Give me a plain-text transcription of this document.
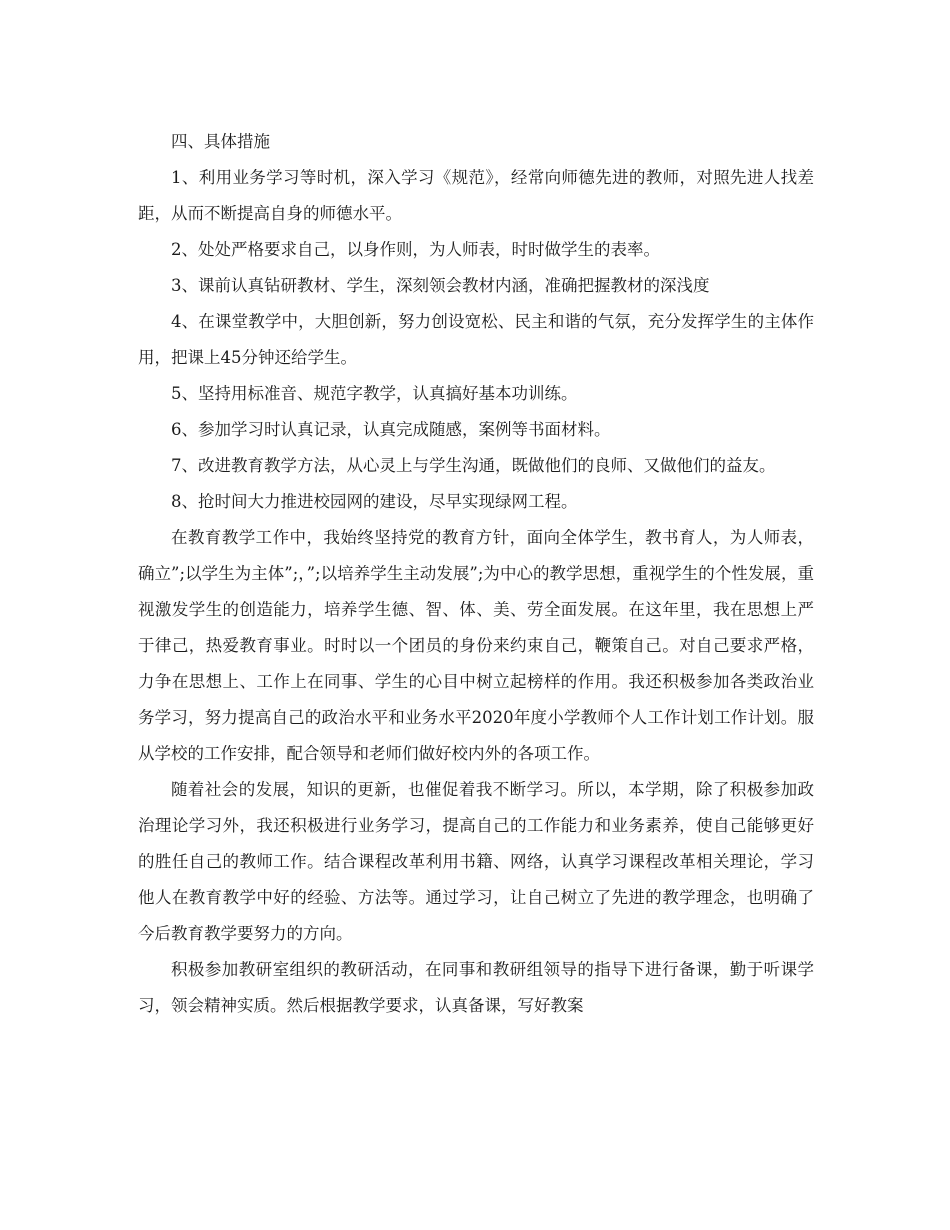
四、具体措施

1、利用业务学习等时机，深入学习《规范》，经常向师德先进的教师，对照先进人找差距，从而不断提高自身的师德水平。

2、处处严格要求自己，以身作则，为人师表，时时做学生的表率。

3、课前认真钻研教材、学生，深刻领会教材内涵，准确把握教材的深浅度

4、在课堂教学中，大胆创新，努力创设宽松、民主和谐的气氛，充分发挥学生的主体作用，把课上45分钟还给学生。

5、坚持用标准音、规范字教学，认真搞好基本功训练。

6、参加学习时认真记录，认真完成随感，案例等书面材料。

7、改进教育教学方法，从心灵上与学生沟通，既做他们的良师、又做他们的益友。

8、抢时间大力推进校园网的建设，尽早实现绿网工程。

在教育教学工作中，我始终坚持党的教育方针，面向全体学生，教书育人，为人师表，确立”;以学生为主体”;，”;以培养学生主动发展”;为中心的教学思想，重视学生的个性发展，重视激发学生的创造能力，培养学生德、智、体、美、劳全面发展。在这年里，我在思想上严于律己，热爱教育事业。时时以一个团员的身份来约束自己，鞭策自己。对自己要求严格，力争在思想上、工作上在同事、学生的心目中树立起榜样的作用。我还积极参加各类政治业务学习，努力提高自己的政治水平和业务水平2020年度小学教师个人工作计划工作计划。服从学校的工作安排，配合领导和老师们做好校内外的各项工作。

随着社会的发展，知识的更新，也催促着我不断学习。所以，本学期，除了积极参加政治理论学习外，我还积极进行业务学习，提高自己的工作能力和业务素养，使自己能够更好的胜任自己的教师工作。结合课程改革利用书籍、网络，认真学习课程改革相关理论，学习他人在教育教学中好的经验、方法等。通过学习，让自己树立了先进的教学理念，也明确了今后教育教学要努力的方向。

积极参加教研室组织的教研活动，在同事和教研组领导的指导下进行备课，勤于听课学习，领会精神实质。然后根据教学要求，认真备课，写好教案
